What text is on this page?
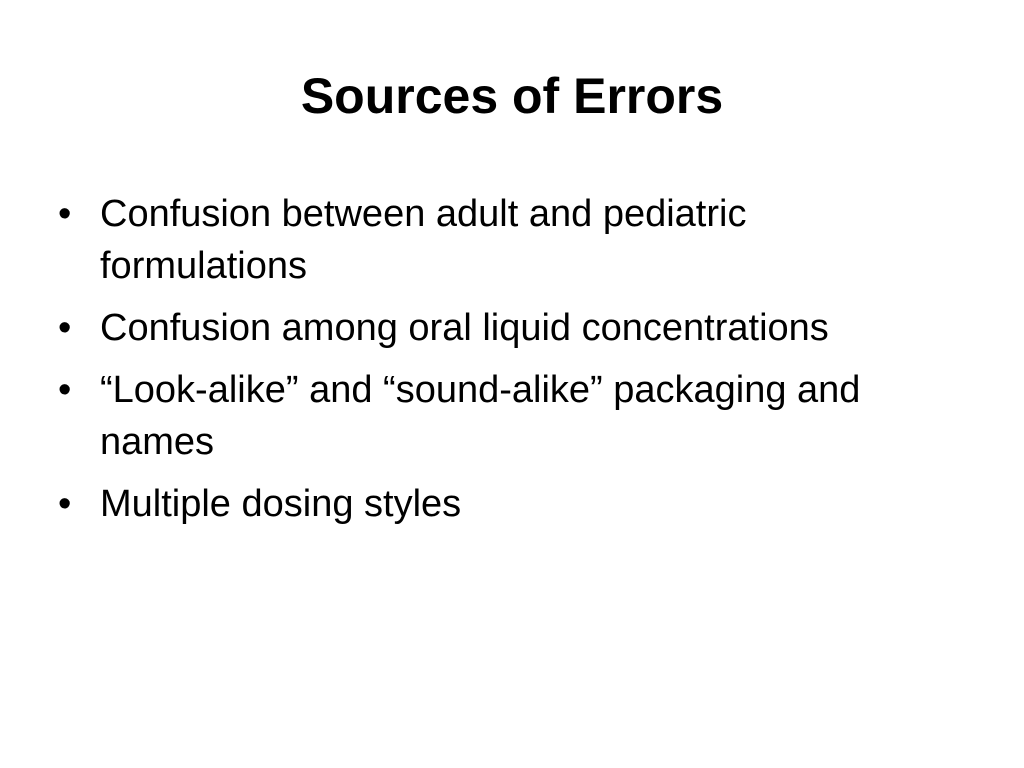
Sources of Errors
• Confusion between adult and pediatric formulations
• Confusion among oral liquid concentrations
• “Look-alike” and “sound-alike” packaging and names
• Multiple dosing styles
